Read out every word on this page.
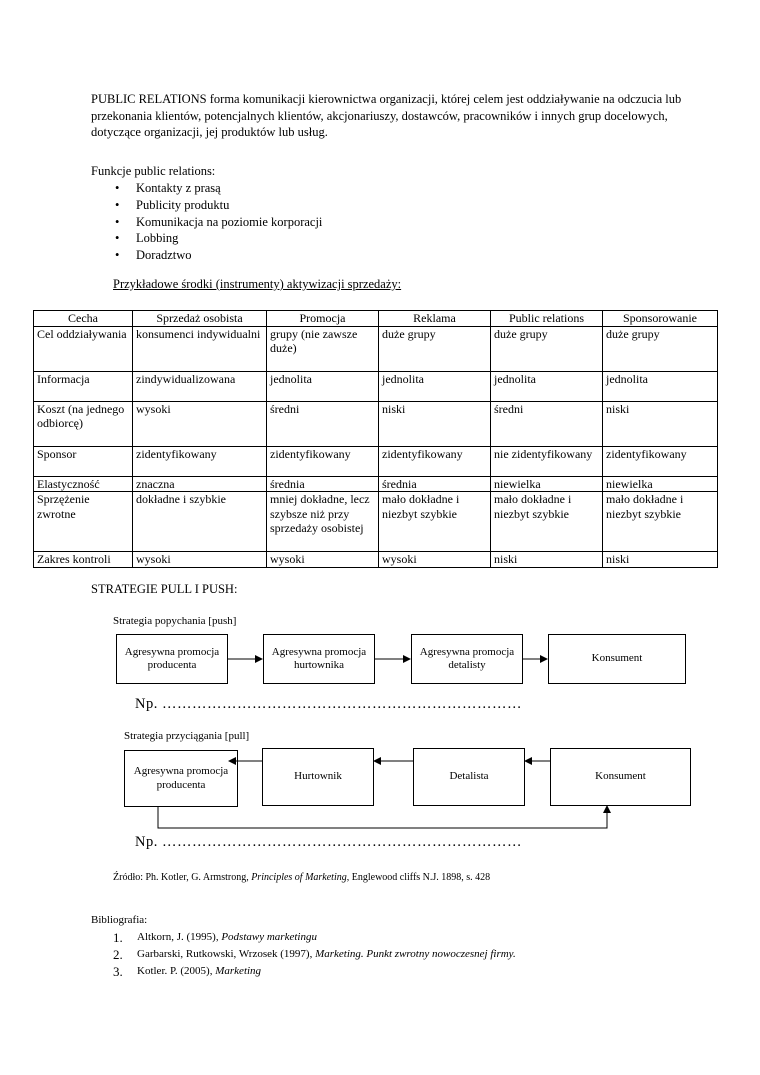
PUBLIC RELATIONS forma komunikacji kierownictwa organizacji, której celem jest oddziaływanie na odczucia lub przekonania klientów, potencjalnych klientów, akcjonariuszy, dostawców, pracowników i innych grup docelowych, dotyczące organizacji, jej produktów lub usług.
Funkcje public relations:
• Kontakty z prasą
• Publicity produktu
• Komunikacja na poziomie korporacji
• Lobbing
• Doradztwo
Przykładowe środki (instrumenty) aktywizacji sprzedaży:
Cecha	Sprzedaż osobista	Promocja	Reklama	Public relations	Sponsorowanie
Cel oddziaływania	konsumenci indywidualni	grupy (nie zawsze duże)	duże grupy	duże grupy	duże grupy
Informacja	zindywidualizowana	jednolita	jednolita	jednolita	jednolita
Koszt (na jednego odbiorcę)	wysoki	średni	niski	średni	niski
Sponsor	zidentyfikowany	zidentyfikowany	zidentyfikowany	nie zidentyfikowany	zidentyfikowany
Elastyczność	znaczna	średnia	średnia	niewielka	niewielka
Sprzężenie zwrotne	dokładne i szybkie	mniej dokładne, lecz szybsze niż przy sprzedaży osobistej	mało dokładne i niezbyt szybkie	mało dokładne i niezbyt szybkie	mało dokładne i niezbyt szybkie
Zakres kontroli	wysoki	wysoki	wysoki	niski	niski
STRATEGIE PULL I PUSH:
Strategia popychania [push]
Agresywna promocja producenta
Agresywna promocja hurtownika
Agresywna promocja detalisty
Konsument
Np. ………………………………………………………………
Strategia przyciągania [pull]
Agresywna promocja producenta
Hurtownik	Detalista	Konsument
Np. ………………………………………………………………
Źródło: Ph. Kotler, G. Armstrong, Principles of Marketing, Englewood cliffs N.J. 1898, s. 428
Bibliografia:
1. Altkorn, J. (1995), Podstawy marketingu
2. Garbarski, Rutkowski, Wrzosek (1997), Marketing. Punkt zwrotny nowoczesnej firmy.
3. Kotler. P. (2005), Marketing
